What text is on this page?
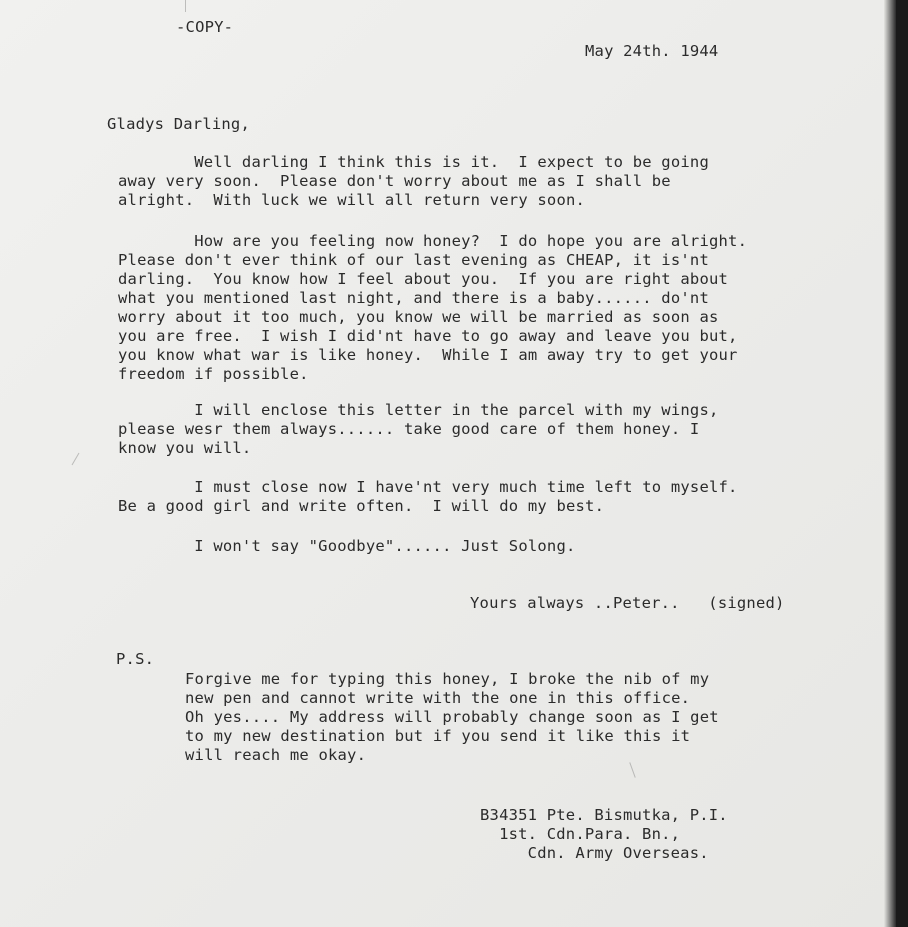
-COPY-
May 24th. 1944
Gladys Darling,
Well darling I think this is it.  I expect to be going
away very soon.  Please don't worry about me as I shall be
alright.  With luck we will all return very soon.
How are you feeling now honey?  I do hope you are alright.
Please don't ever think of our last evening as CHEAP, it is'nt
darling.  You know how I feel about you.  If you are right about
what you mentioned last night, and there is a baby...... do'nt
worry about it too much, you know we will be married as soon as
you are free.  I wish I did'nt have to go away and leave you but,
you know what war is like honey.  While I am away try to get your
freedom if possible.
I will enclose this letter in the parcel with my wings,
please wesr them always...... take good care of them honey. I
know you will.
I must close now I have'nt very much time left to myself.
Be a good girl and write often.  I will do my best.
I won't say "Goodbye"...... Just Solong.
Yours always ..Peter..   (signed)
P.S.
Forgive me for typing this honey, I broke the nib of my
new pen and cannot write with the one in this office.
Oh yes.... My address will probably change soon as I get
to my new destination but if you send it like this it
will reach me okay.
B34351 Pte. Bismutka, P.I.
1st. Cdn.Para. Bn.,
Cdn. Army Overseas.
